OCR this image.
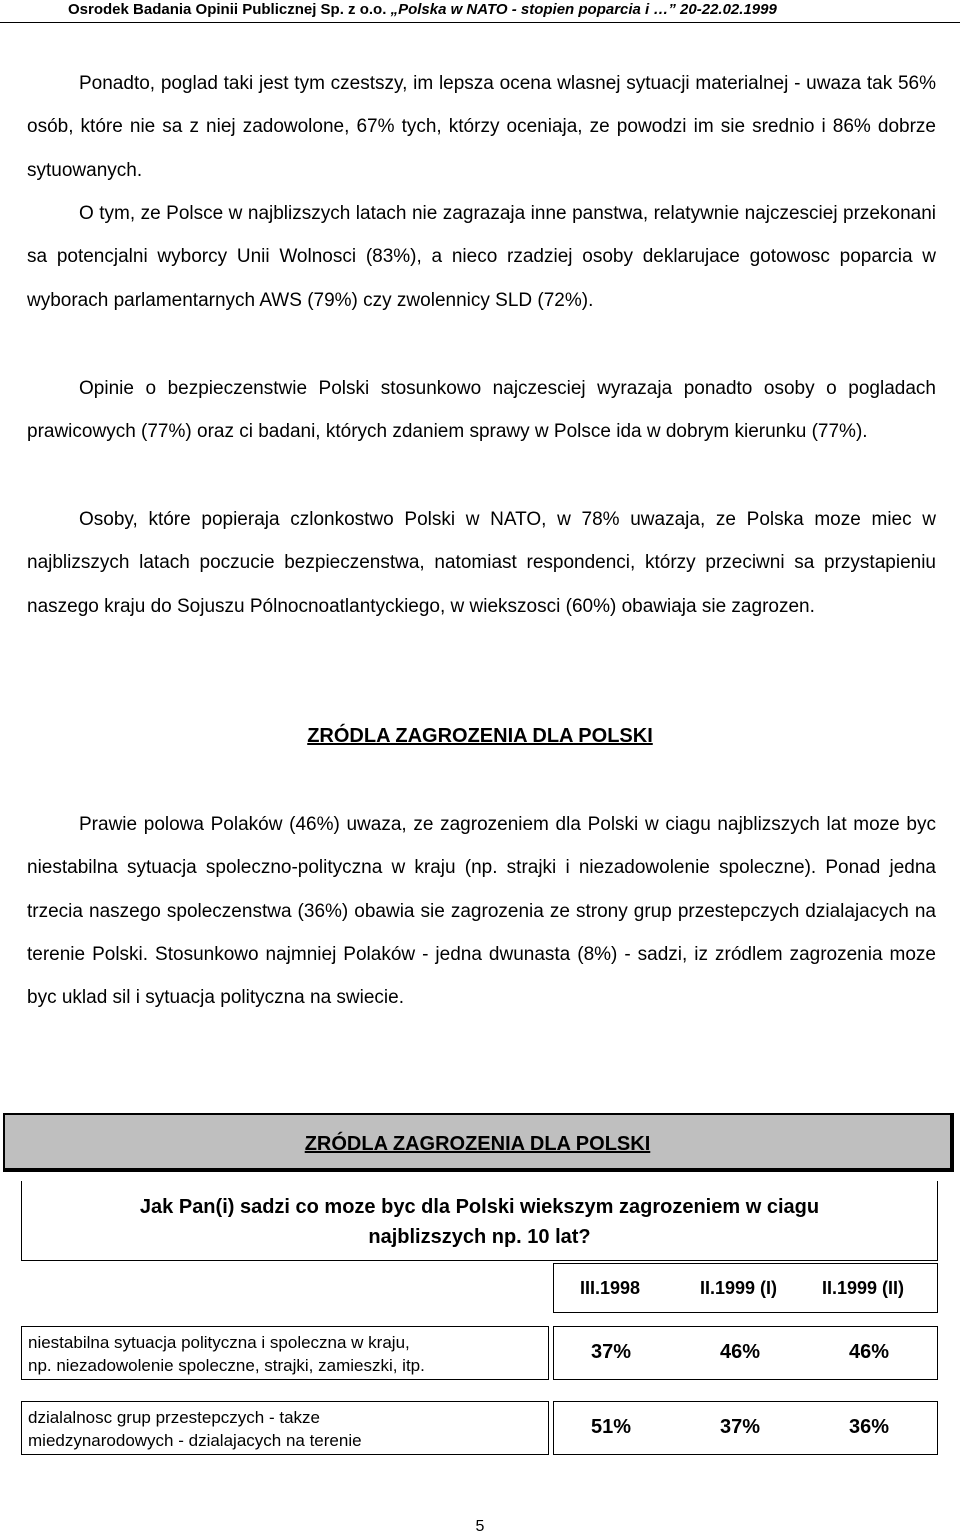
Osrodek Badania Opinii Publicznej Sp. z o.o. „Polska w NATO - stopien poparcia i …” 20-22.02.1999

Ponadto, poglad taki jest tym czestszy, im lepsza ocena wlasnej sytuacji materialnej - uwaza tak 56% osób, które nie sa z niej zadowolone, 67% tych, którzy oceniaja, ze powodzi im sie srednio i 86% dobrze sytuowanych.

O tym, ze Polsce w najblizszych latach nie zagrazaja inne panstwa, relatywnie najczesciej przekonani sa potencjalni wyborcy Unii Wolnosci (83%), a nieco rzadziej osoby deklarujace gotowosc poparcia w wyborach parlamentarnych AWS (79%) czy zwolennicy SLD (72%).

Opinie o bezpieczenstwie Polski stosunkowo najczesciej wyrazaja ponadto osoby o pogladach prawicowych (77%) oraz ci badani, których zdaniem sprawy w Polsce ida w dobrym kierunku (77%).

Osoby, które popieraja czlonkostwo Polski w NATO, w 78% uwazaja, ze Polska moze miec w najblizszych latach poczucie bezpieczenstwa, natomiast respondenci, którzy przeciwni sa przystapieniu naszego kraju do Sojuszu Pólnocnoatlantyckiego, w wiekszosci (60%) obawiaja sie zagrozen.

ZRÓDLA ZAGROZENIA DLA POLSKI

Prawie polowa Polaków (46%) uwaza, ze zagrozeniem dla Polski w ciagu najblizszych lat moze byc niestabilna sytuacja spoleczno-polityczna w kraju (np. strajki i niezadowolenie spoleczne). Ponad jedna trzecia naszego spoleczenstwa (36%) obawia sie zagrozenia ze strony grup przestepczych dzialajacych na terenie Polski. Stosunkowo najmniej Polaków - jedna dwunasta (8%) - sadzi, iz zródlem zagrozenia moze byc uklad sil i sytuacja polityczna na swiecie.

ZRÓDLA ZAGROZENIA DLA POLSKI
Jak Pan(i) sadzi co moze byc dla Polski wiekszym zagrozeniem w ciagu
najblizszych np. 10 lat?
III.1998	II.1999 (I) II.1999 (II)
niestabilna sytuacja polityczna i spoleczna w kraju,
np. niezadowolenie spoleczne, strajki, zamieszki, itp.
37%	46%	46%
dzialalnosc grup przestepczych - takze
miedzynarodowych - dzialajacych na terenie
51%	37%	36%
5
